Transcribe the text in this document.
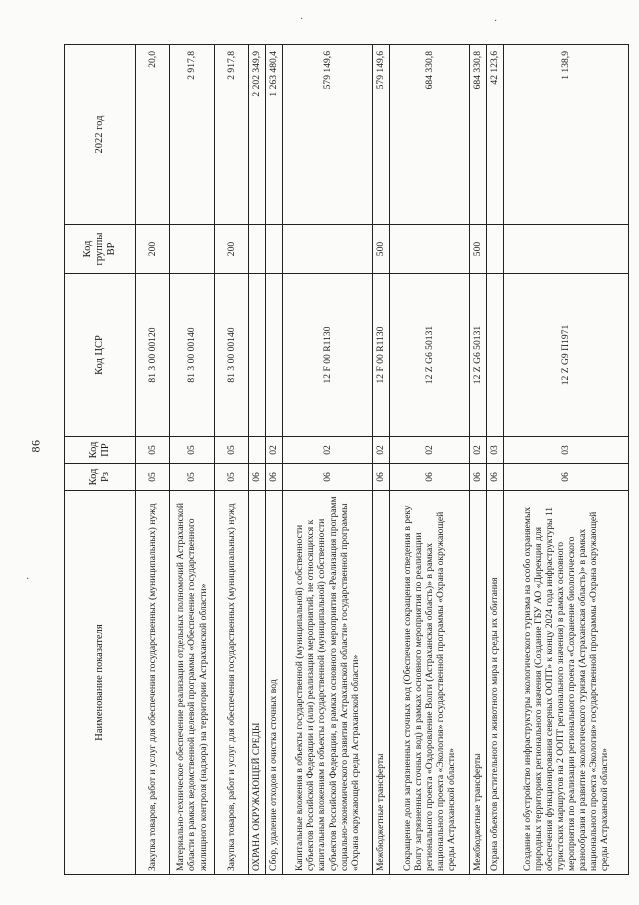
86
·	·
·
Наименование показателя	Код Рз	Код ПР	Код ЦСР	Код группы ВР	2022 год
Закупка товаров, работ и услуг для обеспечения государственных (муниципальных) нужд	05	05	81 3 00 00120	200	20,0
Материально-техническое обеспечение реализации отдельных полномочий Астраханской области в рамках ведомственной целевой программы «Обеспечение государственного жилищного контроля (надзора) на территории Астраханской области»	05	05	81 3 00 00140		2 917,8
Закупка товаров, работ и услуг для обеспечения государственных (муниципальных) нужд	05	05	81 3 00 00140	200	2 917,8
ОХРАНА ОКРУЖАЮЩЕЙ СРЕДЫ	06				2 202 349,9
Сбор, удаление отходов и очистка сточных вод	06	02			1 263 480,4
Капитальные вложения в объекты государственной (муниципальной) собственности субъектов Российской Федерации и (или) реализация мероприятий, не относящихся к капитальным вложениям в объекты государственной (муниципальной) собственности субъектов Российской Федерации, в рамках основного мероприятия «Реализация программ социально-экономического развития Астраханской области» государственной программы «Охрана окружающей среды Астраханской области»	06	02	12 F 00 R1130		579 149,6
Межбюджетные трансферты	06	02	12 F 00 R1130	500	579 149,6
Сокращение доли загрязненных сточных вод (Обеспечение сокращения отведения в реку Волгу загрязненных сточных вод) в рамках основного мероприятия по реализации регионального проекта «Оздоровление Волги (Астраханская область)» в рамках национального проекта «Экология» государственной программы «Охрана окружающей среды Астраханской области»	06	02	12 Z G6 50131		684 330,8
Межбюджетные трансферты	06	02	12 Z G6 50131	500	684 330,8
Охрана объектов растительного и животного мира и среды их обитания	06	03			42 123,6
Создание и обустройство инфраструктуры экологического туризма на особо охраняемых природных территориях регионального значения (Создание ГБУ АО «Дирекция для обеспечения функционирования северных ООПТ» к концу 2024 года инфраструктуры 11 туристских маршрутов на 2 ООПТ регионального значения) в рамках основного мероприятия по реализации регионального проекта «Сохранение биологического разнообразия и развитие экологического туризма (Астраханская область)» в рамках национального проекта «Экология» государственной программы «Охрана окружающей среды Астраханской области»	06	03	12 Z G9 П1971		1 138,9
